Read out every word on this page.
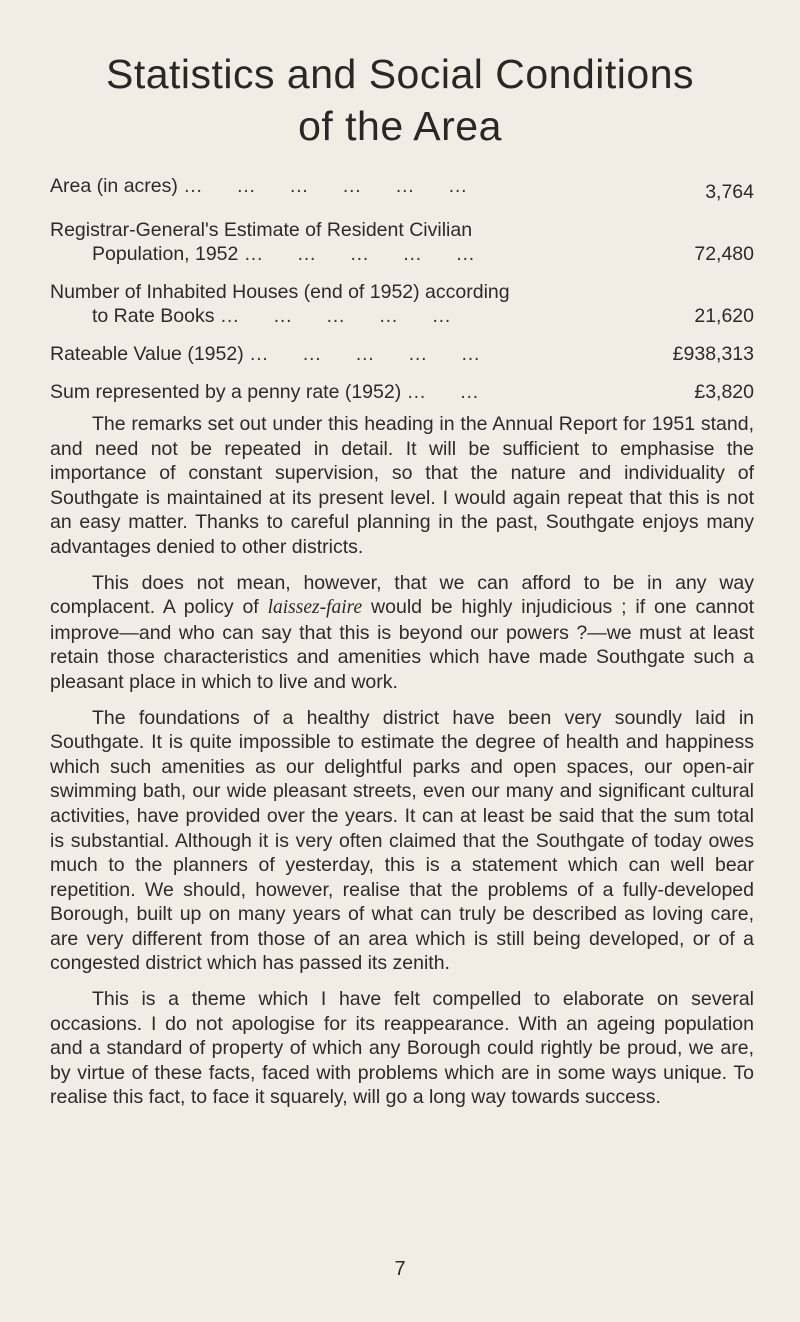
Statistics and Social Conditions
of the Area
Area (in acres) … … … … … …	3,764
Registrar-General's Estimate of Resident Civilian
Population, 1952 … … … … …	72,480
Number of Inhabited Houses (end of 1952) according
to Rate Books … … … … …	21,620
Rateable Value (1952) … … … … …	£938,313
Sum represented by a penny rate (1952) … …	£3,820

The remarks set out under this heading in the Annual Report for 1951 stand, and need not be repeated in detail. It will be sufficient to emphasise the importance of constant supervision, so that the nature and individuality of Southgate is maintained at its present level. I would again repeat that this is not an easy matter. Thanks to careful planning in the past, Southgate enjoys many advantages denied to other districts.

This does not mean, however, that we can afford to be in any way complacent. A policy of laissez-faire would be highly injudicious ; if one cannot improve—and who can say that this is beyond our powers ?—we must at least retain those characteristics and amenities which have made Southgate such a pleasant place in which to live and work.

The foundations of a healthy district have been very soundly laid in Southgate. It is quite impossible to estimate the degree of health and happiness which such amenities as our delightful parks and open spaces, our open-air swimming bath, our wide pleasant streets, even our many and significant cultural activities, have provided over the years. It can at least be said that the sum total is substantial. Although it is very often claimed that the Southgate of today owes much to the planners of yesterday, this is a statement which can well bear repetition. We should, however, realise that the problems of a fully-developed Borough, built up on many years of what can truly be described as loving care, are very different from those of an area which is still being developed, or of a congested district which has passed its zenith.

This is a theme which I have felt compelled to elaborate on several occasions. I do not apologise for its reappearance. With an ageing population and a standard of property of which any Borough could rightly be proud, we are, by virtue of these facts, faced with problems which are in some ways unique. To realise this fact, to face it squarely, will go a long way towards success.

7
